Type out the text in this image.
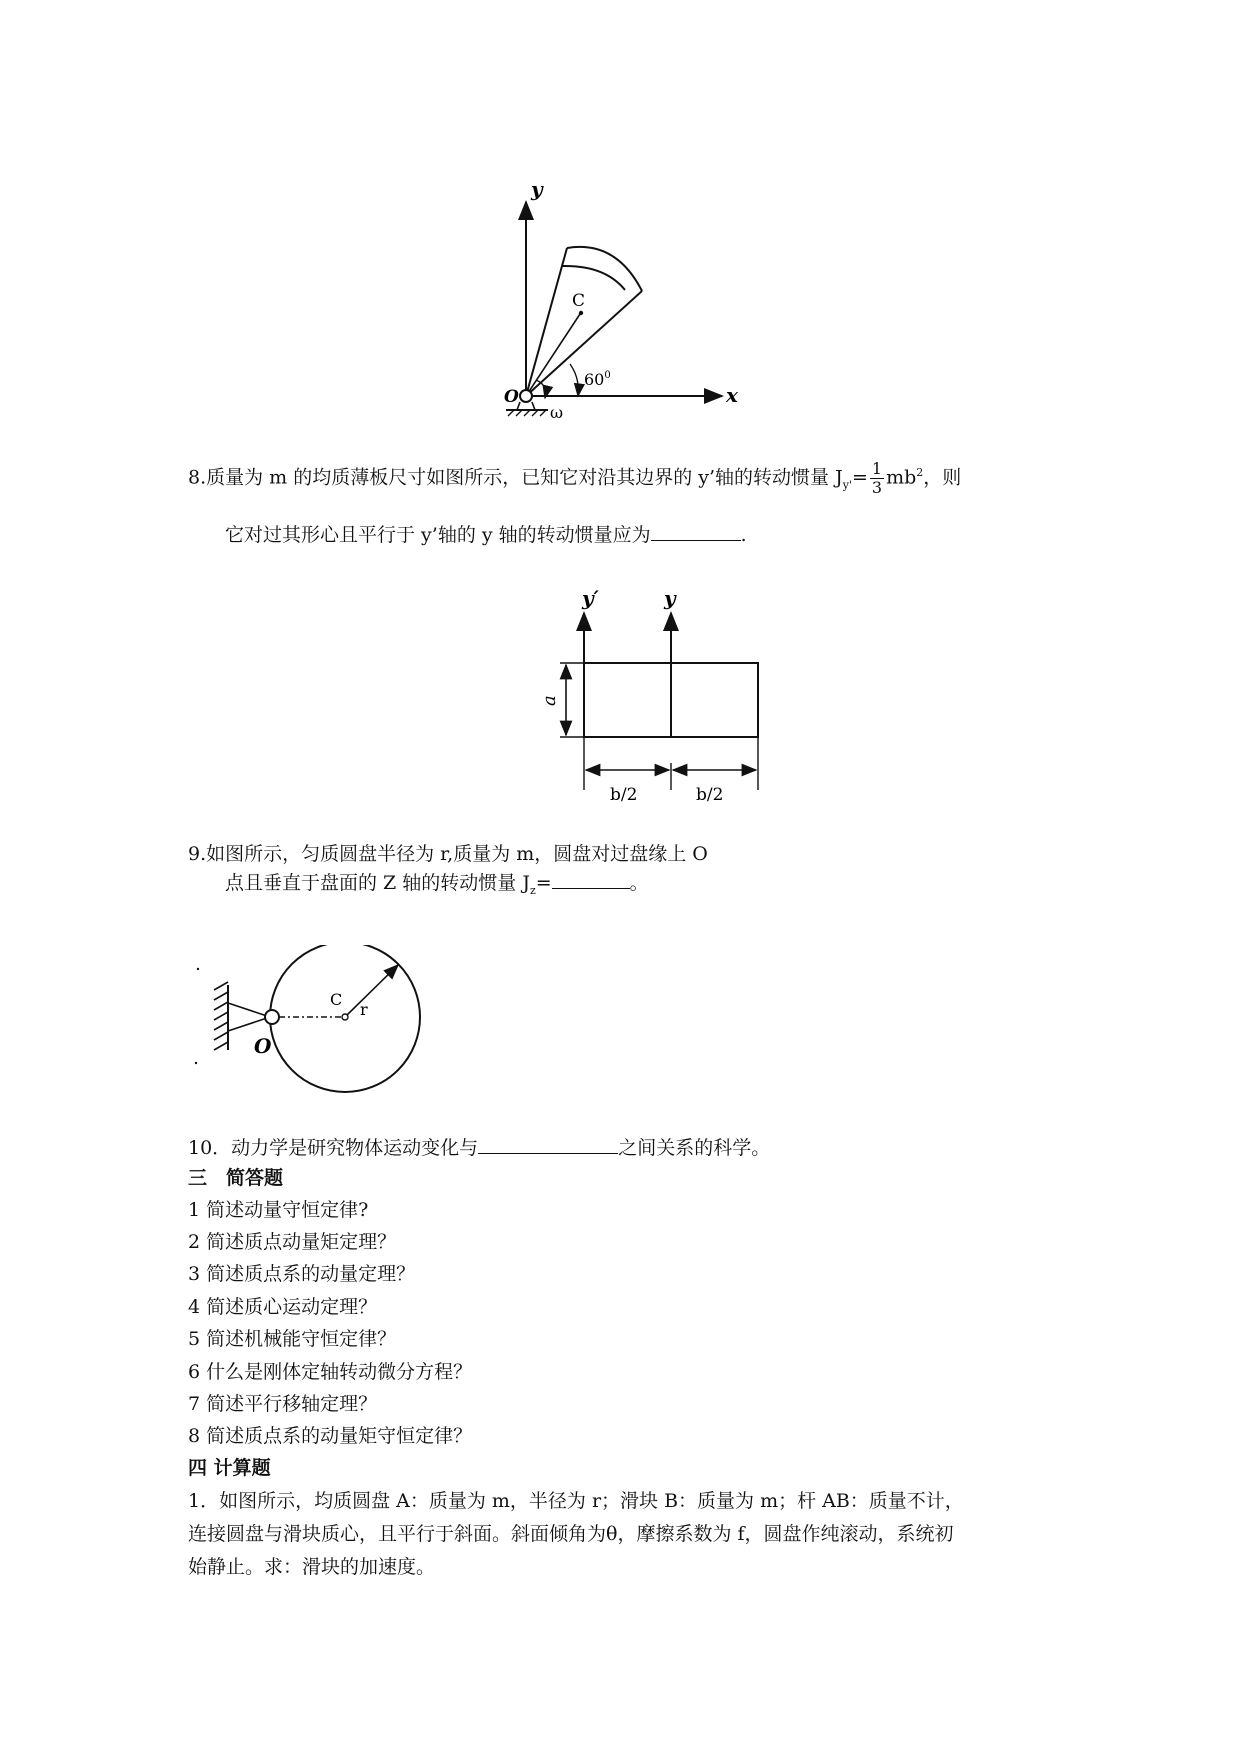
y
x
O
C
$60^0$
ω
8.质量为 m 的均质薄板尺寸如图所示，已知它对沿其边界的 y’轴的转动惯量 $J_{y'}= \frac{1}{3} mb^2$，则
它对过其形心且平行于 y’轴的 y 轴的转动惯量应为	.
y′	y
a
b/2	b/2
9.如图所示，匀质圆盘半径为 r,质量为 m，圆盘对过盘缘上 O
点且垂直于盘面的 Z 轴的转动惯量 $J_z=$	。
C
r
O
10．动力学是研究物体运动变化与	之间关系的科学。
三　简答题
1 简述动量守恒定律?
2 简述质点动量矩定理？
3 简述质点系的动量定理？
4 简述质心运动定理？
5 简述机械能守恒定律？
6 什么是刚体定轴转动微分方程？
7 简述平行移轴定理？
8 简述质点系的动量矩守恒定律？
四 计算题
1．如图所示，均质圆盘 A：质量为 m，半径为 r；滑块 B：质量为 m；杆 AB：质量不计，
连接圆盘与滑块质心，且平行于斜面。斜面倾角为θ，摩擦系数为 f，圆盘作纯滚动，系统初
始静止。求：滑块的加速度。
